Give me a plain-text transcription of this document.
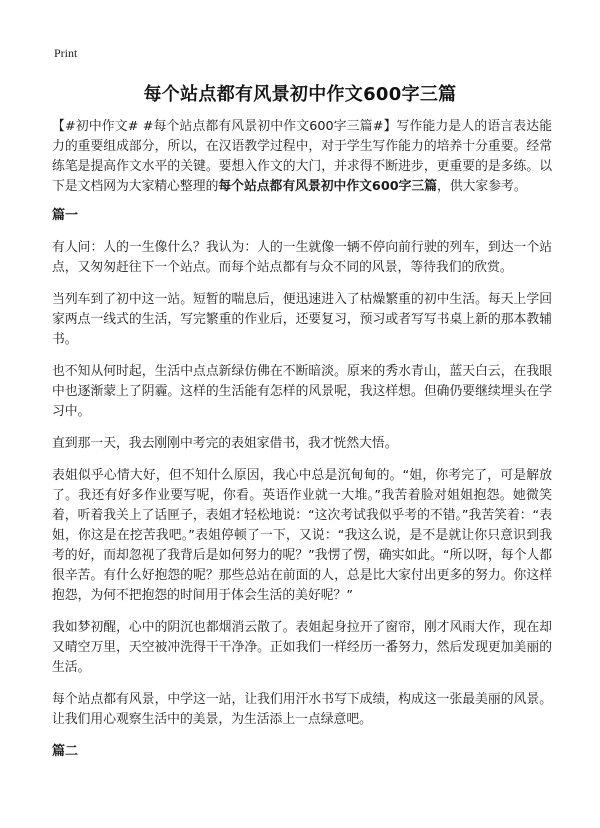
Print
每个站点都有风景初中作文600字三篇

【#初中作文# #每个站点都有风景初中作文600字三篇#】写作能力是人的语言表达能力的重要组成部分，所以，在汉语教学过程中，对于学生写作能力的培养十分重要。经常练笔是提高作文水平的关键。要想入作文的大门，并求得不断进步，更重要的是多练。以下是文档网为大家精心整理的每个站点都有风景初中作文600字三篇，供大家参考。

篇一

有人问：人的一生像什么？我认为：人的一生就像一辆不停向前行驶的列车，到达一个站点，又匆匆赶往下一个站点。而每个站点都有与众不同的风景，等待我们的欣赏。

当列车到了初中这一站。短暂的喘息后，便迅速进入了枯燥繁重的初中生活。每天上学回家两点一线式的生活，写完繁重的作业后，还要复习，预习或者写写书桌上新的那本教辅书。

也不知从何时起，生活中点点新绿仿佛在不断暗淡。原来的秀水青山，蓝天白云，在我眼中也逐渐蒙上了阴霾。这样的生活能有怎样的风景呢，我这样想。但确仍要继续埋头在学习中。

直到那一天，我去刚刚中考完的表姐家借书，我才恍然大悟。

表姐似乎心情大好，但不知什么原因，我心中总是沉甸甸的。“姐，你考完了，可是解放了。我还有好多作业要写呢，你看。英语作业就一大堆。”我苦着脸对姐姐抱怨。她微笑着，听着我关上了话匣子，表姐才轻松地说：“这次考试我似乎考的不错。”我苦笑着：“表姐，你这是在挖苦我吧。”表姐停顿了一下，又说：“我这么说，是不是就让你只意识到我考的好，而却忽视了我背后是如何努力的呢？”我愣了愣，确实如此。“所以呀，每个人都很辛苦。有什么好抱怨的呢？那些总站在前面的人，总是比大家付出更多的努力。你这样抱怨，为何不把抱怨的时间用于体会生活的美好呢？”

我如梦初醒，心中的阴沉也都烟消云散了。表姐起身拉开了窗帘，刚才风雨大作，现在却又晴空万里，天空被冲洗得干干净净。正如我们一样经历一番努力，然后发现更加美丽的生活。

每个站点都有风景，中学这一站，让我们用汗水书写下成绩，构成这一张最美丽的风景。让我们用心观察生活中的美景，为生活添上一点绿意吧。

篇二
